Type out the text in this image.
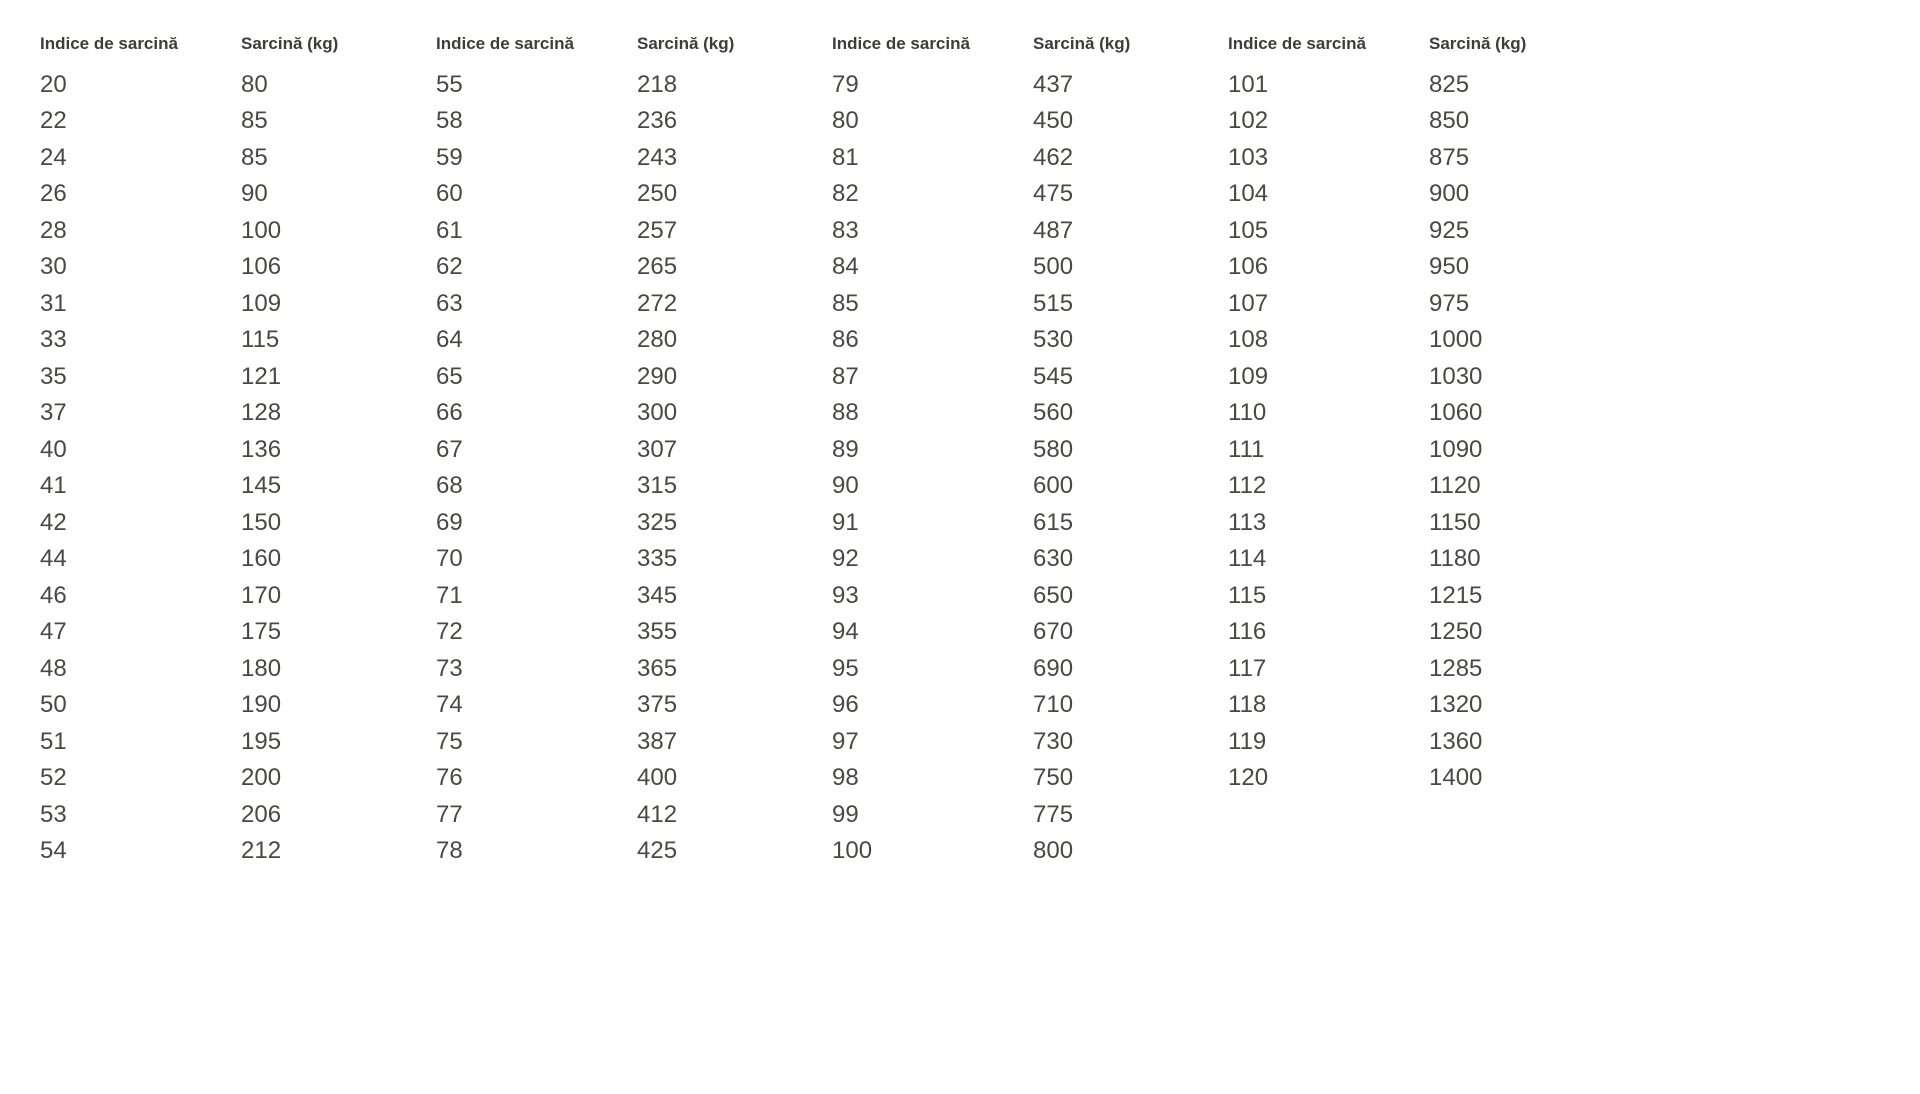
Indice de sarcină	Sarcină (kg)
20	80
22	85
24	85
26	90
28	100
30	106
31	109
33	115
35	121
37	128
40	136
41	145
42	150
44	160
46	170
47	175
48	180
50	190
51	195
52	200
53	206
54	212
Indice de sarcină	Sarcină (kg)
55	218
58	236
59	243
60	250
61	257
62	265
63	272
64	280
65	290
66	300
67	307
68	315
69	325
70	335
71	345
72	355
73	365
74	375
75	387
76	400
77	412
78	425
Indice de sarcină	Sarcină (kg)
79	437
80	450
81	462
82	475
83	487
84	500
85	515
86	530
87	545
88	560
89	580
90	600
91	615
92	630
93	650
94	670
95	690
96	710
97	730
98	750
99	775
100	800
Indice de sarcină	Sarcină (kg)
101	825
102	850
103	875
104	900
105	925
106	950
107	975
108	1000
109	1030
110	1060
111	1090
112	1120
113	1150
114	1180
115	1215
116	1250
117	1285
118	1320
119	1360
120	1400
